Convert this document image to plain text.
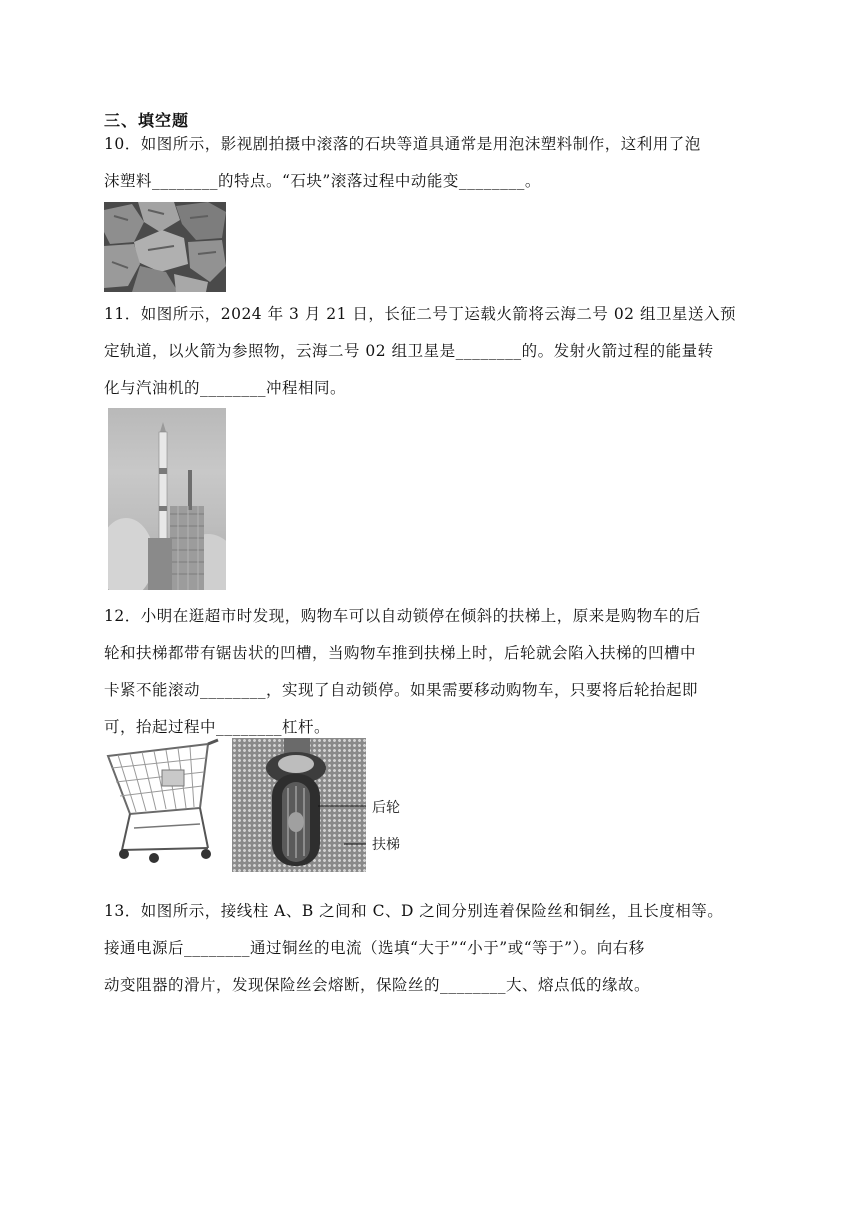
三、填空题
10．如图所示，影视剧拍摄中滚落的石块等道具通常是用泡沫塑料制作，这利用了泡
沫塑料________的特点。“石块”滚落过程中动能变________。
11．如图所示，2024 年 3 月 21 日，长征二号丁运载火箭将云海二号 02 组卫星送入预
定轨道，以火箭为参照物，云海二号 02 组卫星是________的。发射火箭过程的能量转
化与汽油机的________冲程相同。
12．小明在逛超市时发现，购物车可以自动锁停在倾斜的扶梯上，原来是购物车的后
轮和扶梯都带有锯齿状的凹槽，当购物车推到扶梯上时，后轮就会陷入扶梯的凹槽中
卡紧不能滚动________，实现了自动锁停。如果需要移动购物车，只要将后轮抬起即
可，抬起过程中________杠杆。
后轮
扶梯
13．如图所示，接线柱 A、B 之间和 C、D 之间分别连着保险丝和铜丝，且长度相等。
接通电源后________通过铜丝的电流（选填“大于”“小于”或“等于”）。向右移
动变阻器的滑片，发现保险丝会熔断，保险丝的________大、熔点低的缘故。
